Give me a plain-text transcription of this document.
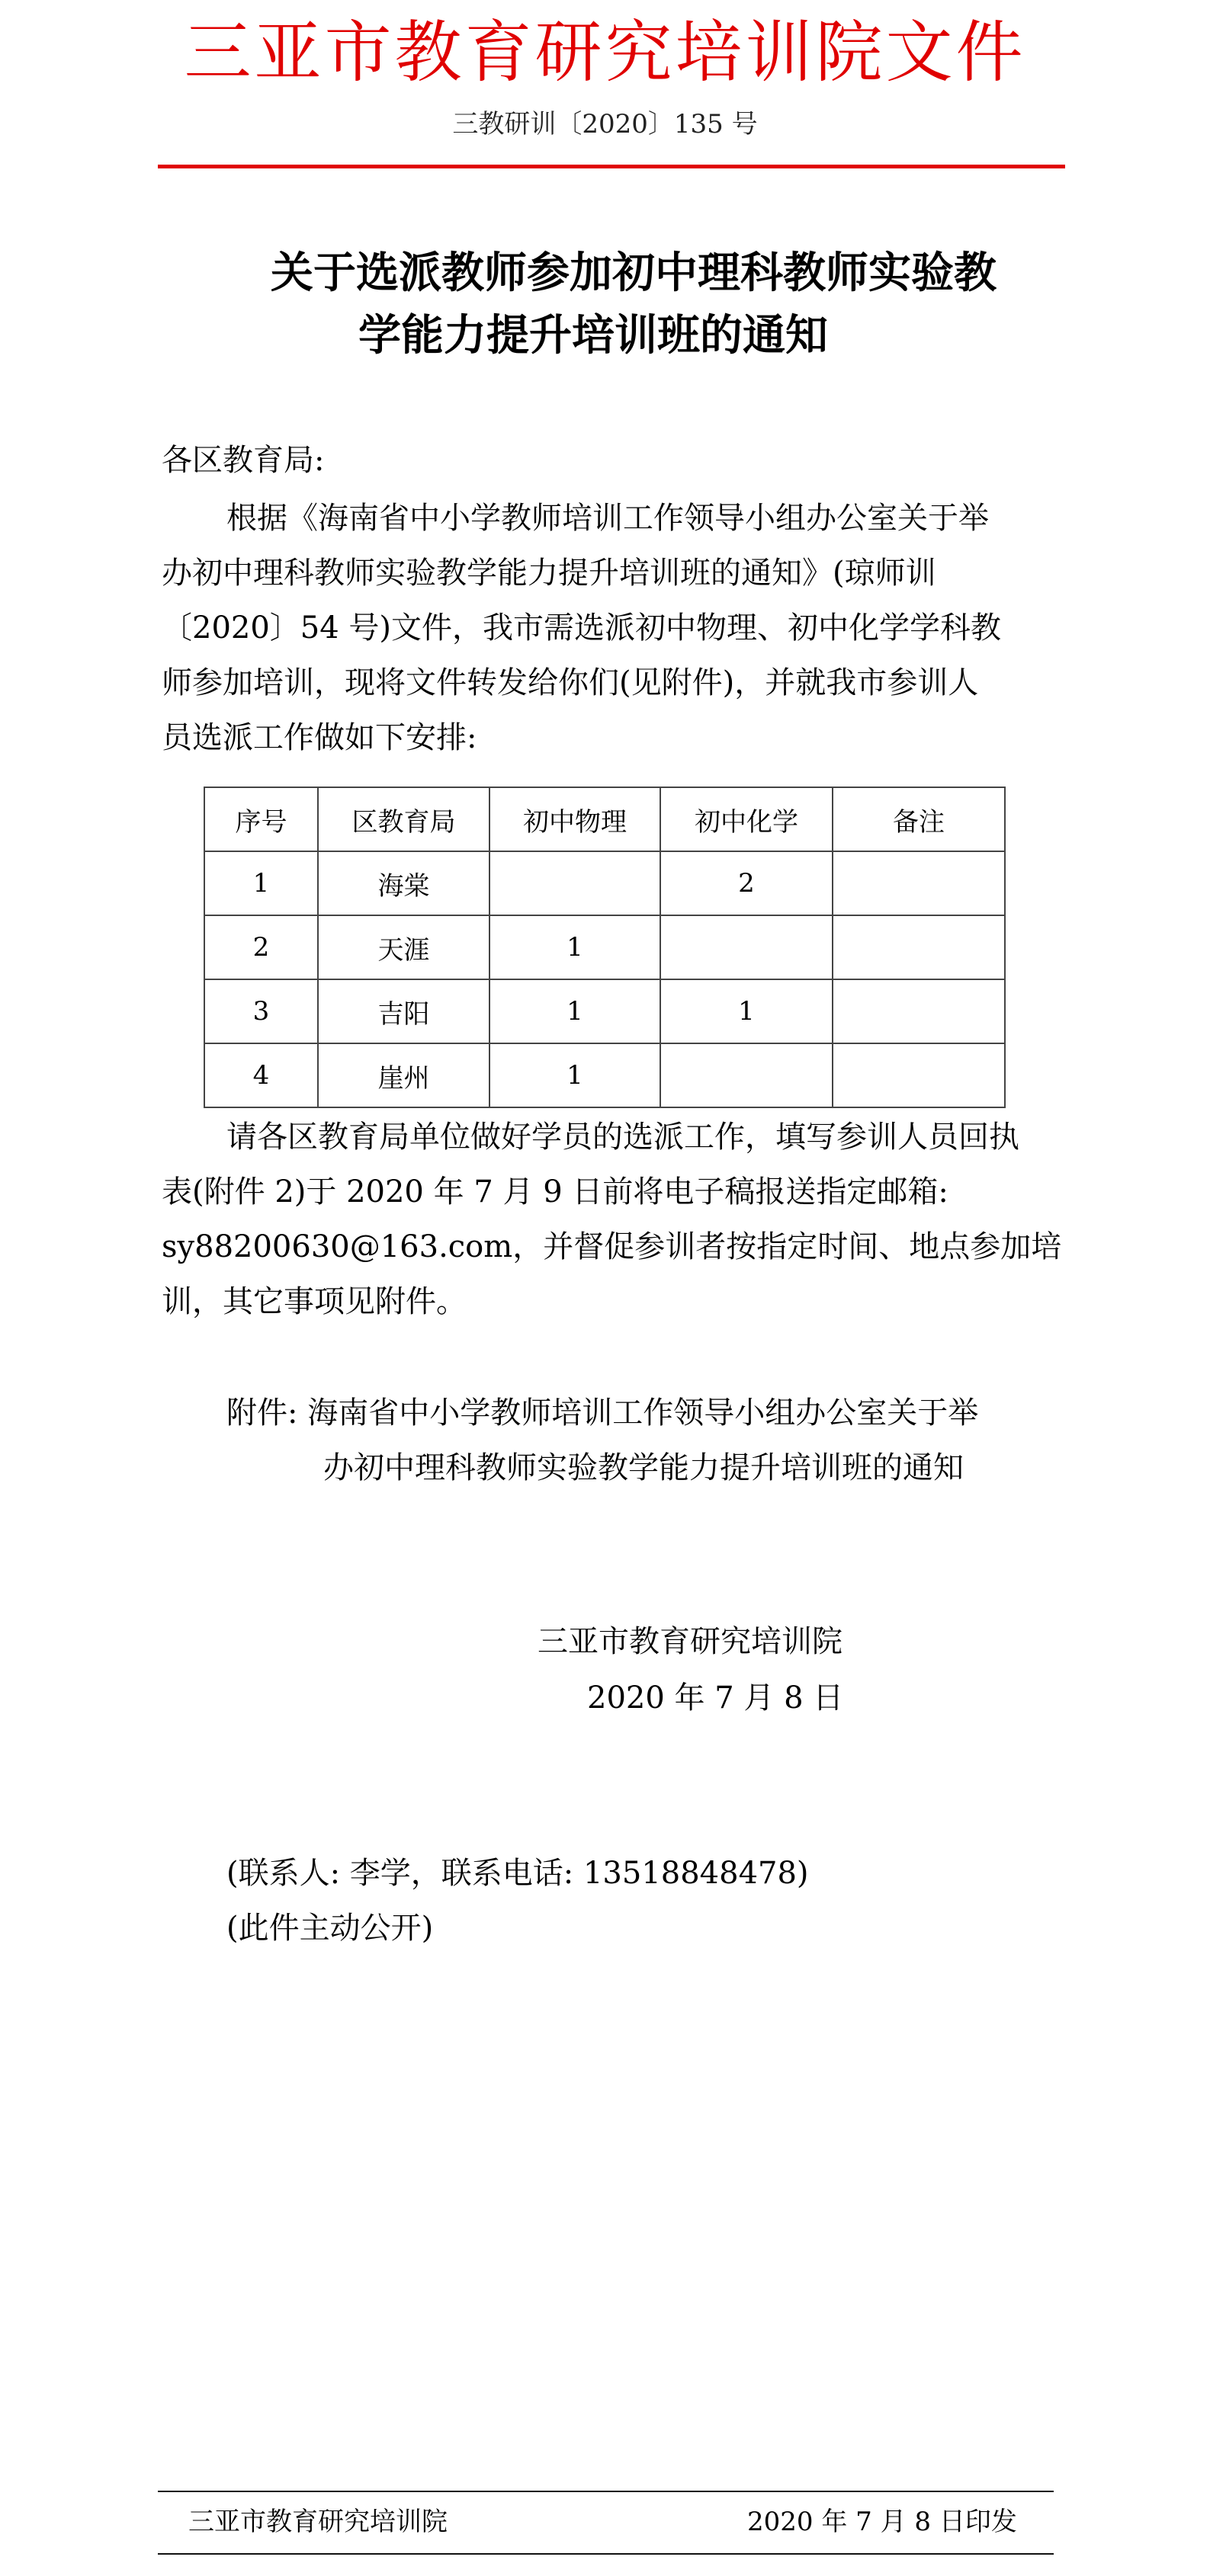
三亚市教育研究培训院文件
三教研训〔2020〕135 号
关于选派教师参加初中理科教师实验教
学能力提升培训班的通知
各区教育局:
根据《海南省中小学教师培训工作领导小组办公室关于举
办初中理科教师实验教学能力提升培训班的通知》(琼师训
〔2020〕54 号)文件，我市需选派初中物理、初中化学学科教
师参加培训，现将文件转发给你们(见附件)，并就我市参训人
员选派工作做如下安排:
序号	区教育局	初中物理	初中化学	备注
1	海棠		2	
2	天涯	1		
3	吉阳	1	1	
4	崖州	1		
请各区教育局单位做好学员的选派工作，填写参训人员回执
表(附件 2)于 2020 年 7 月 9 日前将电子稿报送指定邮箱:
sy88200630@163.com，并督促参训者按指定时间、地点参加培
训，其它事项见附件。
附件: 海南省中小学教师培训工作领导小组办公室关于举
办初中理科教师实验教学能力提升培训班的通知
三亚市教育研究培训院
2020 年 7 月 8 日
(联系人: 李学，联系电话: 13518848478)
(此件主动公开)
三亚市教育研究培训院	2020 年 7 月 8 日印发
